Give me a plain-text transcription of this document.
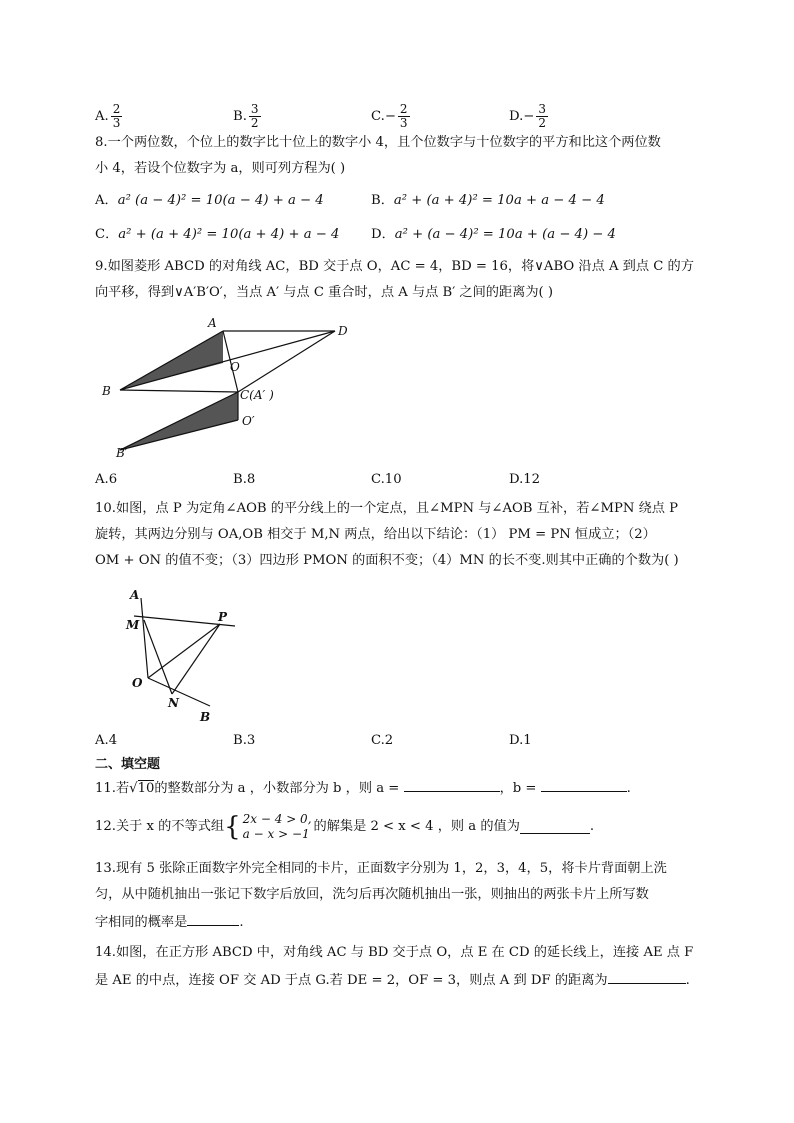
A. $\frac{2}{3}$	B. $\frac{3}{2}$	C. − $\frac{2}{3}$	D. − $\frac{3}{2}$
8.一个两位数，个位上的数字比十位上的数字小 4，且个位数字与十位数字的平方和比这个两位数
小 4，若设个位数字为 a，则可列方程为( )
A．a² (a − 4)² = 10(a − 4) + a − 4	B．a² + (a + 4)² = 10a + a − 4 − 4
C．a² + (a + 4)² = 10(a + 4) + a − 4 D．a² + (a − 4)² = 10a + (a − 4) − 4
9.如图菱形 ABCD 的对角线 AC，BD 交于点 O，AC = 4，BD = 16，将∨ABO 沿点 A 到点 C 的方
向平移，得到∨A′B′O′，当点 A′ 与点 C 重合时，点 A 与点 B′ 之间的距离为( )
A
D
O
B	C(A′ )
O′
B′
A.6	B.8	C.10	D.12
10.如图，点 P 为定角∠AOB 的平分线上的一个定点，且∠MPN 与∠AOB 互补，若∠MPN 绕点 P
旋转，其两边分别与 OA,OB 相交于 M,N 两点，给出以下结论：（1） PM = PN 恒成立；（2）
OM + ON 的值不变；（3）四边形 PMON 的面积不变；（4）MN 的长不变.则其中正确的个数为( )
A
M
P
O
N
B
A.4	B.3	C.2	D.1
二、填空题
11.若√10的整数部分为 a ，小数部分为 b ，则 a =	，b =	.
12.关于 x 的不等式组 { 2x − 4 > 0,
a − x > −1 的解集是 2 < x < 4 ，则 a 的值为	.
13.现有 5 张除正面数字外完全相同的卡片，正面数字分别为 1，2，3，4，5，将卡片背面朝上洗
匀，从中随机抽出一张记下数字后放回，洗匀后再次随机抽出一张，则抽出的两张卡片上所写数
字相同的概率是	.
14.如图，在正方形 ABCD 中，对角线 AC 与 BD 交于点 O，点 E 在 CD 的延长线上，连接 AE 点 F
是 AE 的中点，连接 OF 交 AD 于点 G.若 DE = 2，OF = 3，则点 A 到 DF 的距离为	.
